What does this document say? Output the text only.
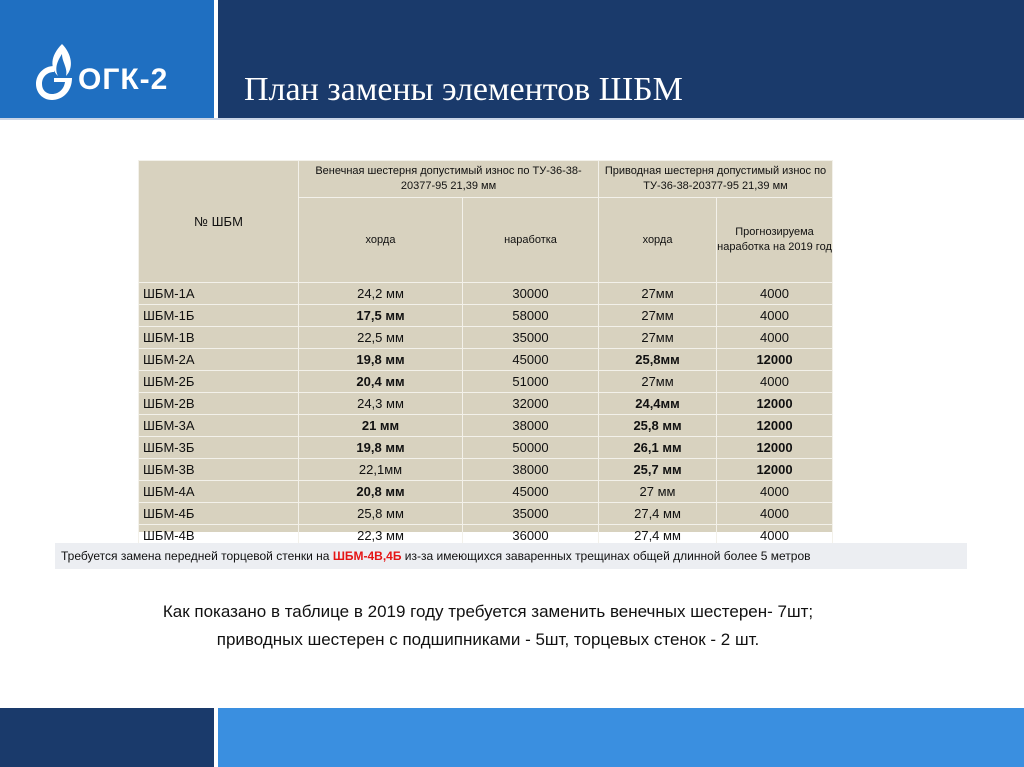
ОГК-2 План замены элементов ШБМ
№ ШБМ	Венечная шестерня допустимый износ по ТУ-36-38-20377-95 21,39 мм		Приводная шестерня допустимый износ по ТУ-36-38-20377-95 21,39 мм	
	хорда	наработка	хорда	Прогнозируема наработка на 2019 год
ШБМ-1А	24,2 мм	30000	27мм	4000
ШБМ-1Б	17,5 мм	58000	27мм	4000
ШБМ-1В	22,5 мм	35000	27мм	4000
ШБМ-2А	19,8 мм	45000	25,8мм	12000
ШБМ-2Б	20,4 мм	51000	27мм	4000
ШБМ-2В	24,3 мм	32000	24,4мм	12000
ШБМ-3А	21 мм	38000	25,8 мм	12000
ШБМ-3Б	19,8 мм	50000	26,1 мм	12000
ШБМ-3В	22,1мм	38000	25,7 мм	12000
ШБМ-4А	20,8 мм	45000	27 мм	4000
ШБМ-4Б	25,8 мм	35000	27,4 мм	4000
ШБМ-4В	22,3 мм	36000	27,4 мм	4000
Требуется замена передней торцевой стенки на ШБМ-4В,4Б из-за имеющихся заваренных трещинах общей длинной более 5 метров
Как показано в таблице в 2019 году требуется заменить венечных шестерен- 7шт;
приводных шестерен с подшипниками - 5шт, торцевых стенок - 2 шт.
